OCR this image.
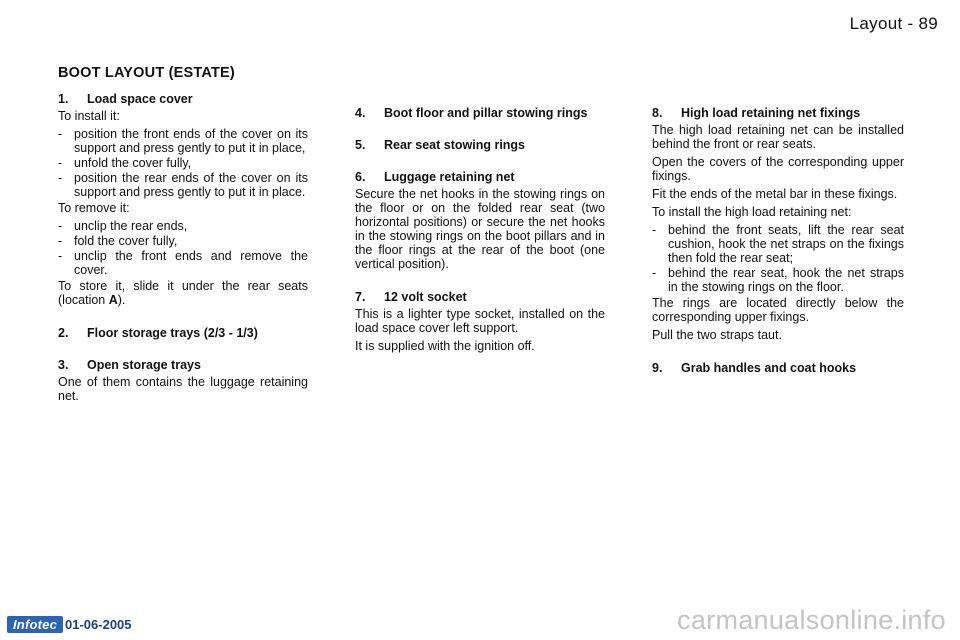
Layout - 89
BOOT LAYOUT (ESTATE)
1.	Load space cover

To install it:

- position the front ends of the cover on its support and press gently to put it in place,
- unfold the cover fully,
- position the rear ends of the cover on its support and press gently to put it in place.

To remove it:

- unclip the rear ends,
- fold the cover fully,
- unclip the front ends and remove the cover.

To store it, slide it under the rear seats (location A).

2.	Floor storage trays (2/3 - 1/3)
3.	Open storage trays

One of them contains the luggage retaining net.

4.	Boot floor and pillar stowing rings
5.	Rear seat stowing rings
6.	Luggage retaining net

Secure the net hooks in the stowing rings on the floor or on the folded rear seat (two horizontal positions) or secure the net hooks in the stowing rings on the boot pillars and in the floor rings at the rear of the boot (one vertical position).

7.	12 volt socket

This is a lighter type socket, installed on the load space cover left support.

It is supplied with the ignition off.

8.	High load retaining net fixings

The high load retaining net can be installed behind the front or rear seats.

Open the covers of the corresponding upper fixings.

Fit the ends of the metal bar in these fixings.

To install the high load retaining net:

- behind the front seats, lift the rear seat cushion, hook the net straps on the fixings then fold the rear seat;
- behind the rear seat, hook the net straps in the stowing rings on the floor.

The rings are located directly below the corresponding upper fixings.

Pull the two straps taut.

9.	Grab handles and coat hooks
Infotec 01-06-2005	carmanualsonline.info
